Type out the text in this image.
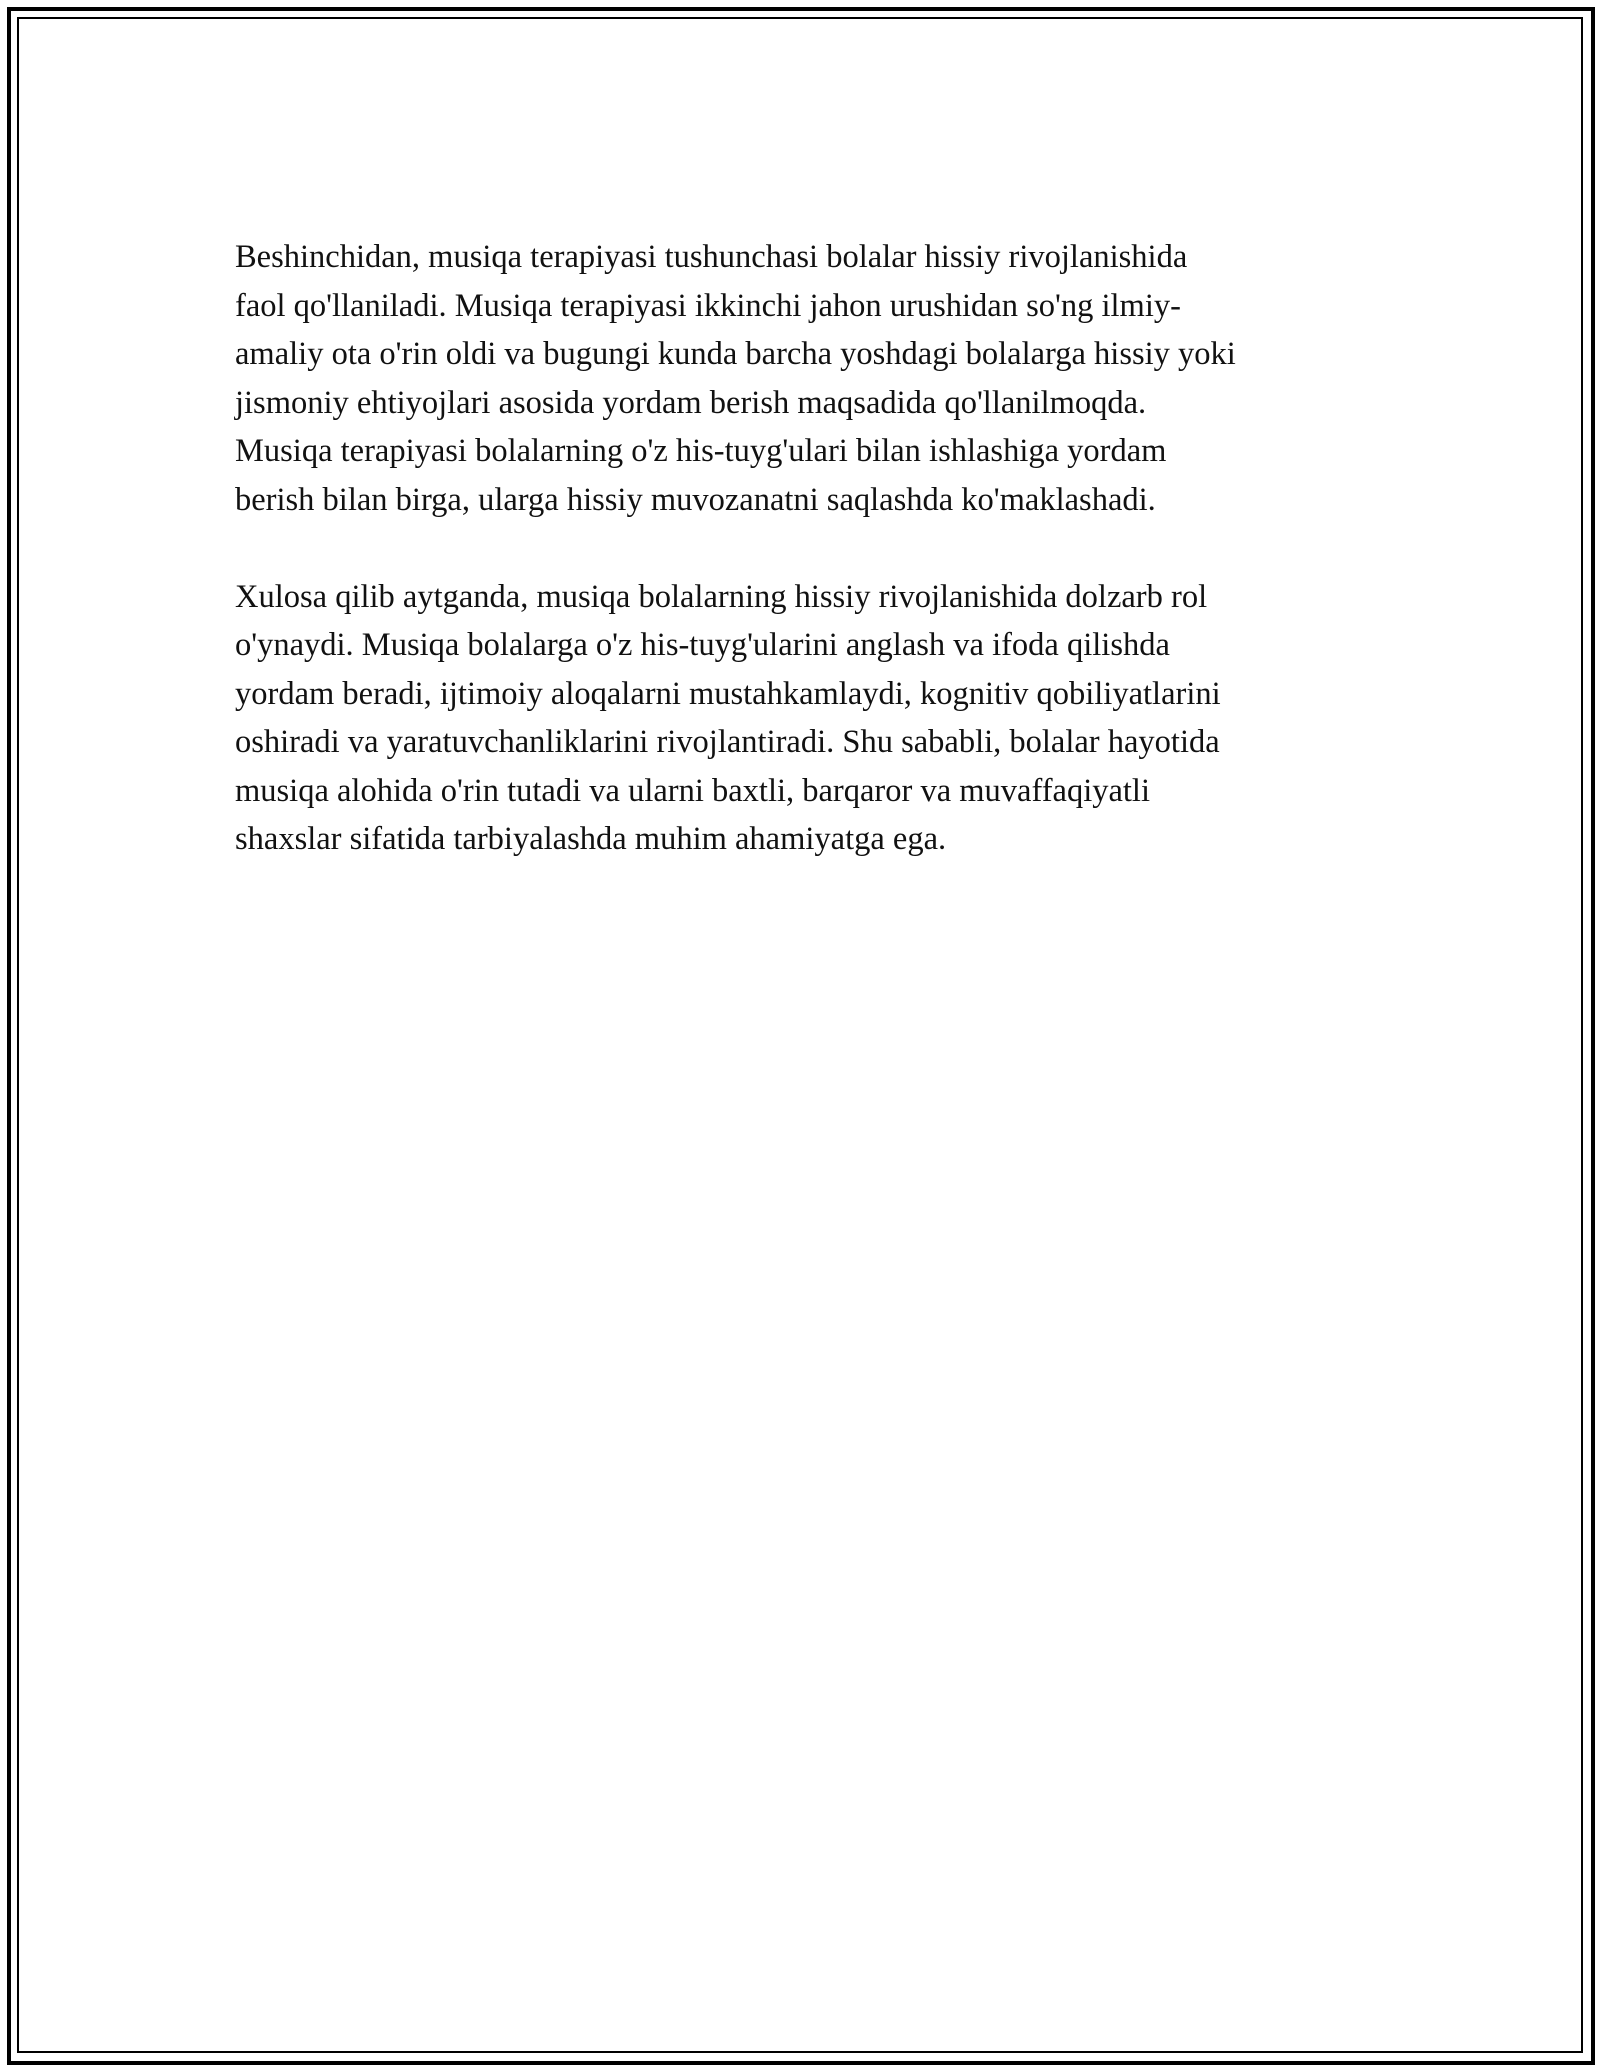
Beshinchidan, musiqa terapiyasi tushunchasi bolalar hissiy rivojlanishida
faol qo'llaniladi. Musiqa terapiyasi ikkinchi jahon urushidan so'ng ilmiy-
amaliy ota o'rin oldi va bugungi kunda barcha yoshdagi bolalarga hissiy yoki
jismoniy ehtiyojlari asosida yordam berish maqsadida qo'llanilmoqda.
Musiqa terapiyasi bolalarning o'z his-tuyg'ulari bilan ishlashiga yordam
berish bilan birga, ularga hissiy muvozanatni saqlashda ko'maklashadi.

Xulosa qilib aytganda, musiqa bolalarning hissiy rivojlanishida dolzarb rol
o'ynaydi. Musiqa bolalarga o'z his-tuyg'ularini anglash va ifoda qilishda
yordam beradi, ijtimoiy aloqalarni mustahkamlaydi, kognitiv qobiliyatlarini
oshiradi va yaratuvchanliklarini rivojlantiradi. Shu sababli, bolalar hayotida
musiqa alohida o'rin tutadi va ularni baxtli, barqaror va muvaffaqiyatli
shaxslar sifatida tarbiyalashda muhim ahamiyatga ega.
